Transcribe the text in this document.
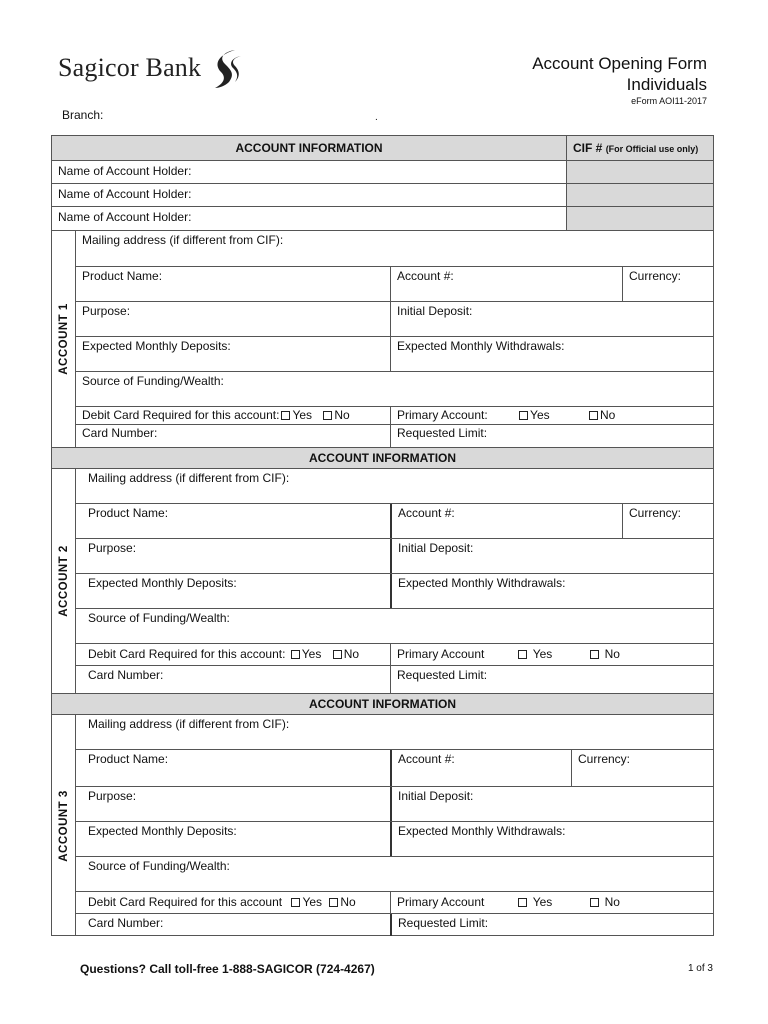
Sagicor Bank	Account Opening Form
Individuals
eForm AOI11-2017
Branch:	.
ACCOUNT INFORMATION	CIF # (For Official use only)
Name of Account Holder:
Name of Account Holder:
Name of Account Holder:
ACCOUNT 1
Mailing address (if different from CIF):
Product Name:	Account #:	Currency:
Purpose:	Initial Deposit:
Expected Monthly Deposits:	Expected Monthly Withdrawals:
Source of Funding/Wealth:
Debit Card Required for this account: Yes No	Primary Account:	Yes	No
Card Number:	Requested Limit:
ACCOUNT INFORMATION
ACCOUNT 2
Mailing address (if different from CIF):
Product Name:	Account #:	Currency:
Purpose:	Initial Deposit:
Expected Monthly Deposits:	Expected Monthly Withdrawals:
Source of Funding/Wealth:
Debit Card Required for this account: Yes No	Primary Account	Yes	No
Card Number:	Requested Limit:
ACCOUNT INFORMATION
ACCOUNT 3
Mailing address (if different from CIF):
Product Name:	Account #:	Currency:
Purpose:	Initial Deposit:
Expected Monthly Deposits:	Expected Monthly Withdrawals:
Source of Funding/Wealth:
Debit Card Required for this account Yes No	Primary Account	Yes	No
Card Number:	Requested Limit:
Questions? Call toll-free 1-888-SAGICOR (724-4267)	1 of 3
